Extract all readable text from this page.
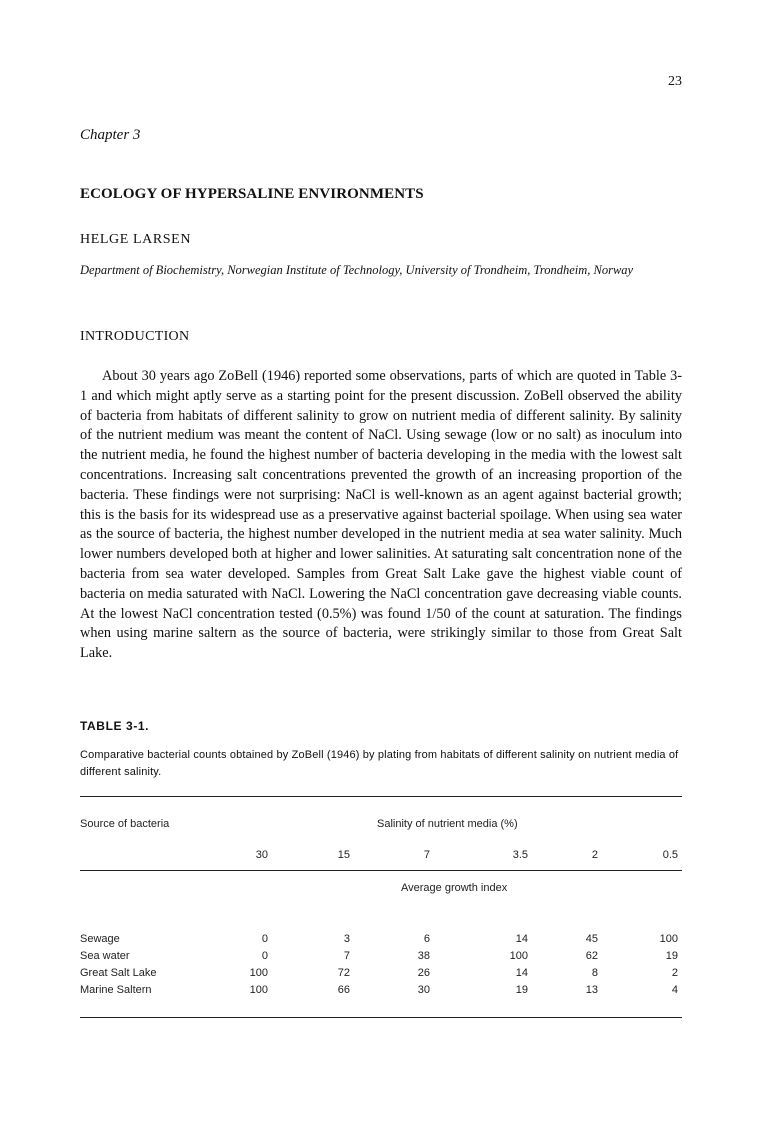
23
Chapter 3
ECOLOGY OF HYPERSALINE ENVIRONMENTS
HELGE LARSEN
Department of Biochemistry, Norwegian Institute of Technology, University of Trondheim, Trondheim, Norway
INTRODUCTION

About 30 years ago ZoBell (1946) reported some observations, parts of which are quoted in Table 3-1 and which might aptly serve as a starting point for the present discussion. ZoBell observed the ability of bacteria from habitats of different salinity to grow on nutrient media of different salinity. By salinity of the nutrient medium was meant the content of NaCl. Using sewage (low or no salt) as inoculum into the nutrient media, he found the highest number of bacteria developing in the media with the lowest salt concentrations. Increasing salt concentrations prevented the growth of an increasing proportion of the bacteria. These findings were not surprising: NaCl is well-known as an agent against bacterial growth; this is the basis for its widespread use as a preservative against bacterial spoilage. When using sea water as the source of bacteria, the highest number developed in the nutrient media at sea water salinity. Much lower numbers developed both at higher and lower salinities. At saturating salt concentration none of the bacteria from sea water developed. Samples from Great Salt Lake gave the highest viable count of bacteria on media saturated with NaCl. Lowering the NaCl concentration gave decreasing viable counts. At the lowest NaCl concentration tested (0.5%) was found 1/50 of the count at saturation. The findings when using marine saltern as the source of bacteria, were strikingly similar to those from Great Salt Lake.

TABLE 3-1.
Comparative bacterial counts obtained by ZoBell (1946) by plating from habitats of different salinity on nutrient media of different salinity.
Source of bacteria	Salinity of nutrient media (%)
30	15	7	3.5	2	0.5
Average growth index
Sewage	0	3	6	14	45	100
Sea water	0	7	38	100	62	19
Great Salt Lake	100	72	26	14	8	2
Marine Saltern	100	66	30	19	13	4
